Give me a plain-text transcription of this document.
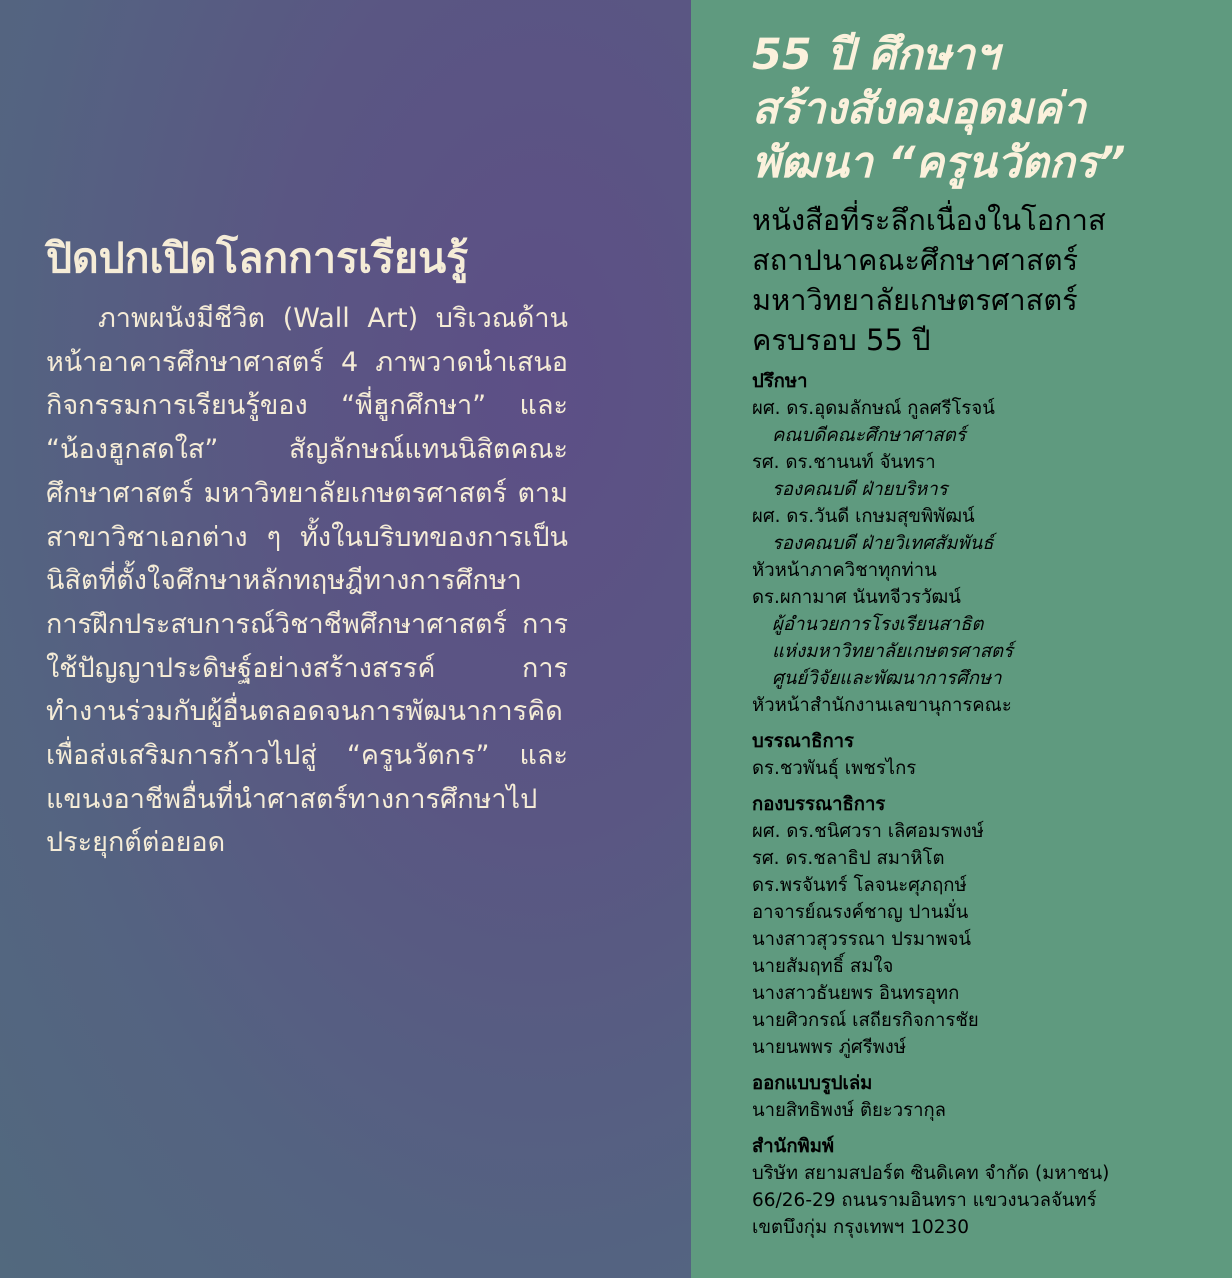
ปิดปกเปิดโลกการเรียนรู้

ภาพผนังมีชีวิต (Wall Art) บริเวณด้านหน้าอาคารศึกษาศาสตร์ 4 ภาพวาดนำเสนอกิจกรรมการเรียนรู้ของ “พี่ฮูกศึกษา” และ “น้องฮูกสดใส” สัญลักษณ์แทนนิสิตคณะศึกษาศาสตร์ มหาวิทยาลัยเกษตรศาสตร์ ตามสาขาวิชาเอกต่าง ๆ ทั้งในบริบทของการเป็นนิสิตที่ตั้งใจศึกษาหลักทฤษฎีทางการศึกษา การฝึกประสบการณ์วิชาชีพศึกษาศาสตร์ การใช้ปัญญาประดิษฐ์อย่างสร้างสรรค์ การทำงานร่วมกับผู้อื่นตลอดจนการพัฒนาการคิดเพื่อส่งเสริมการก้าวไปสู่ “ครูนวัตกร” และแขนงอาชีพอื่นที่นำศาสตร์ทางการศึกษาไปประยุกต์ต่อยอด

55 ปี ศึกษาฯ
สร้างสังคมอุดมค่า
พัฒนา “ครูนวัตกร”
หนังสือที่ระลึกเนื่องในโอกาส
สถาปนาคณะศึกษาศาสตร์
มหาวิทยาลัยเกษตรศาสตร์
ครบรอบ 55 ปี
ปรึกษา
ผศ. ดร.อุดมลักษณ์ กูลศรีโรจน์
คณบดีคณะศึกษาศาสตร์
รศ. ดร.ชานนท์ จันทรา
รองคณบดี ฝ่ายบริหาร
ผศ. ดร.วันดี เกษมสุขพิพัฒน์
รองคณบดี ฝ่ายวิเทศสัมพันธ์
หัวหน้าภาควิชาทุกท่าน
ดร.ผกามาศ นันทจีวรวัฒน์
ผู้อำนวยการโรงเรียนสาธิต
แห่งมหาวิทยาลัยเกษตรศาสตร์
ศูนย์วิจัยและพัฒนาการศึกษา
หัวหน้าสำนักงานเลขานุการคณะ
บรรณาธิการ
ดร.ชวพันธุ์ เพชรไกร
กองบรรณาธิการ
ผศ. ดร.ชนิศวรา เลิศอมรพงษ์
รศ. ดร.ชลาธิป สมาหิโต
ดร.พรจันทร์ โลจนะศุภฤกษ์
อาจารย์ณรงค์ชาญ ปานมั่น
นางสาวสุวรรณา ปรมาพจน์
นายสัมฤทธิ์ สมใจ
นางสาวธันยพร อินทรอุทก
นายศิวกรณ์ เสถียรกิจการชัย
นายนพพร ภู่ศรีพงษ์
ออกแบบรูปเล่ม
นายสิทธิพงษ์ ติยะวรากุล
สำนักพิมพ์
บริษัท สยามสปอร์ต ซินดิเคท จำกัด (มหาชน)
66/26-29 ถนนรามอินทรา แขวงนวลจันทร์
เขตบึงกุ่ม กรุงเทพฯ 10230
